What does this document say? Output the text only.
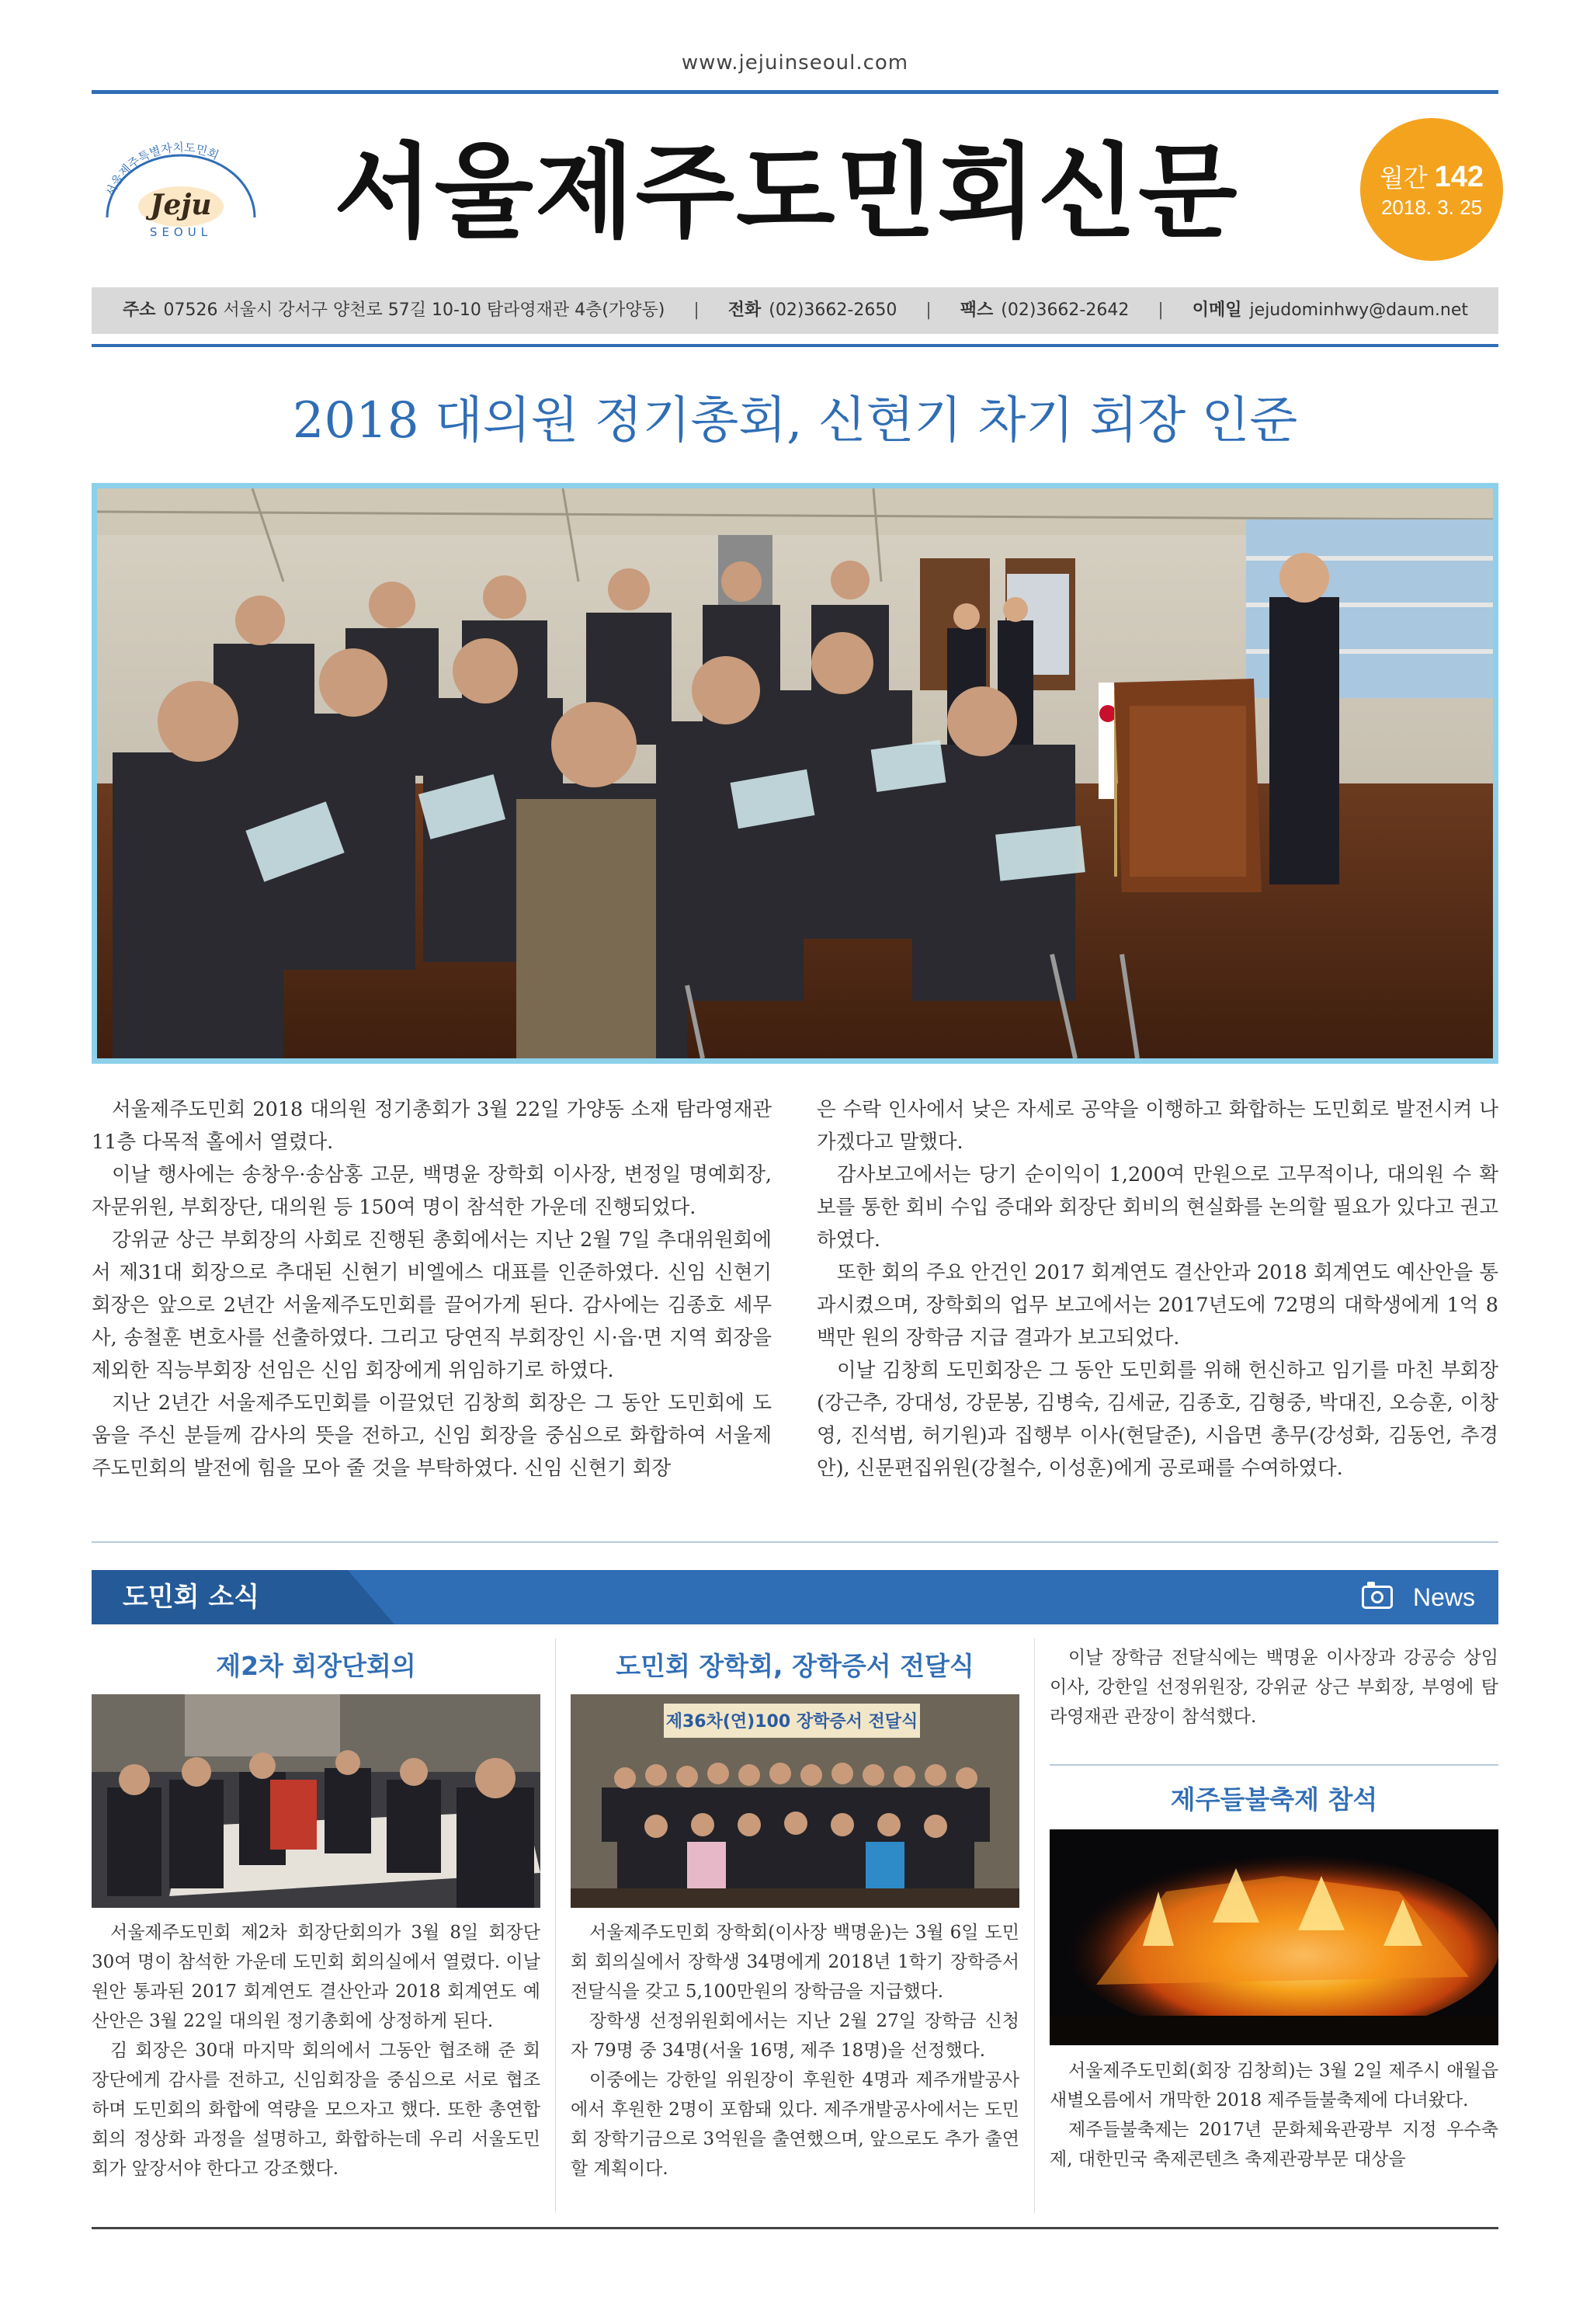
www.jejuinseoul.com
서울제주특별자치도민회
Jeju
SEOUL 서울제주도민회신문	월간 142
2018. 3. 25
주소 07526 서울시 강서구 양천로 57길 10-10 탐라영재관 4층(가양동) | 전화 (02)3662-2650 | 팩스 (02)3662-2642 | 이메일 jejudominhwy@daum.net
2018 대의원 정기총회, 신현기 차기 회장 인준

서울제주도민회 2018 대의원 정기총회가 3월 22일 가양동 소재 탐라영재관 11층 다목적 홀에서 열렸다.

이날 행사에는 송창우·송삼홍 고문, 백명윤 장학회 이사장, 변정일 명예회장, 자문위원, 부회장단, 대의원 등 150여 명이 참석한 가운데 진행되었다.

강위균 상근 부회장의 사회로 진행된 총회에서는 지난 2월 7일 추대위원회에서 제31대 회장으로 추대된 신현기 비엘에스 대표를 인준하였다. 신임 신현기 회장은 앞으로 2년간 서울제주도민회를 끌어가게 된다. 감사에는 김종호 세무사, 송철훈 변호사를 선출하였다. 그리고 당연직 부회장인 시·읍·면 지역 회장을 제외한 직능부회장 선임은 신임 회장에게 위임하기로 하였다.

지난 2년간 서울제주도민회를 이끌었던 김창희 회장은 그 동안 도민회에 도움을 주신 분들께 감사의 뜻을 전하고, 신임 회장을 중심으로 화합하여 서울제주도민회의 발전에 힘을 모아 줄 것을 부탁하였다. 신임 신현기 회장

은 수락 인사에서 낮은 자세로 공약을 이행하고 화합하는 도민회로 발전시켜 나가겠다고 말했다.

감사보고에서는 당기 순이익이 1,200여 만원으로 고무적이나, 대의원 수 확보를 통한 회비 수입 증대와 회장단 회비의 현실화를 논의할 필요가 있다고 권고하였다.

또한 회의 주요 안건인 2017 회계연도 결산안과 2018 회계연도 예산안을 통과시켰으며, 장학회의 업무 보고에서는 2017년도에 72명의 대학생에게 1억 8백만 원의 장학금 지급 결과가 보고되었다.

이날 김창희 도민회장은 그 동안 도민회를 위해 헌신하고 임기를 마친 부회장(강근추, 강대성, 강문봉, 김병숙, 김세균, 김종호, 김형중, 박대진, 오승훈, 이창영, 진석범, 허기원)과 집행부 이사(현달준), 시읍면 총무(강성화, 김동언, 추경안), 신문편집위원(강철수, 이성훈)에게 공로패를 수여하였다.

도민회 소식	News
제2차 회장단회의

서울제주도민회 제2차 회장단회의가 3월 8일 회장단 30여 명이 참석한 가운데 도민회 회의실에서 열렸다. 이날 원안 통과된 2017 회계연도 결산안과 2018 회계연도 예산안은 3월 22일 대의원 정기총회에 상정하게 된다.

김 회장은 30대 마지막 회의에서 그동안 협조해 준 회장단에게 감사를 전하고, 신임회장을 중심으로 서로 협조하며 도민회의 화합에 역량을 모으자고 했다. 또한 총연합회의 정상화 과정을 설명하고, 화합하는데 우리 서울도민회가 앞장서야 한다고 강조했다.

도민회 장학회, 장학증서 전달식
제36차(연)100 장학증서 전달식

서울제주도민회 장학회(이사장 백명윤)는 3월 6일 도민회 회의실에서 장학생 34명에게 2018년 1학기 장학증서 전달식을 갖고 5,100만원의 장학금을 지급했다.

장학생 선정위원회에서는 지난 2월 27일 장학금 신청자 79명 중 34명(서울 16명, 제주 18명)을 선정했다.

이중에는 강한일 위원장이 후원한 4명과 제주개발공사에서 후원한 2명이 포함돼 있다. 제주개발공사에서는 도민회 장학기금으로 3억원을 출연했으며, 앞으로도 추가 출연할 계획이다.

이날 장학금 전달식에는 백명윤 이사장과 강공승 상임이사, 강한일 선정위원장, 강위균 상근 부회장, 부영에 탐라영재관 관장이 참석했다.

제주들불축제 참석

서울제주도민회(회장 김창희)는 3월 2일 제주시 애월읍 새별오름에서 개막한 2018 제주들불축제에 다녀왔다.

제주들불축제는 2017년 문화체육관광부 지정 우수축제, 대한민국 축제콘텐츠 축제관광부문 대상을
